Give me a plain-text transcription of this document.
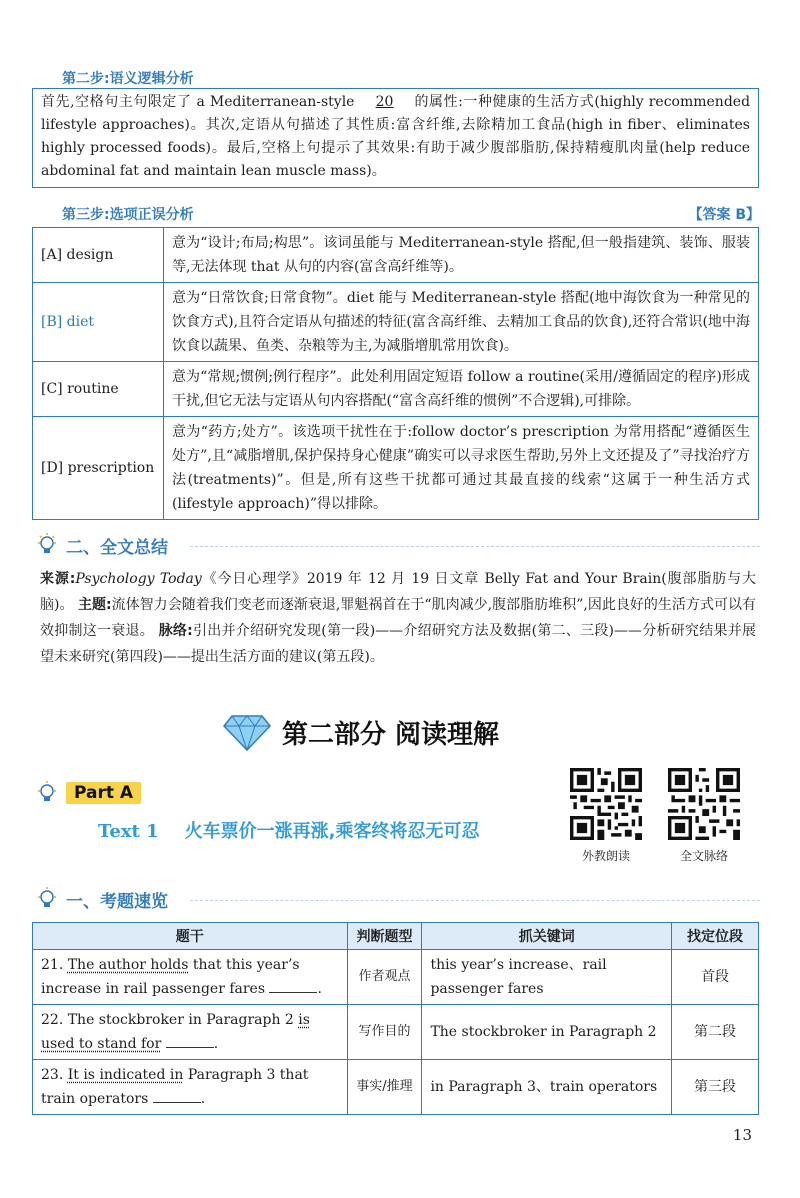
第二步:语义逻辑分析
首先,空格句主句限定了 a Mediterranean-style 20 的属性:一种健康的生活方式(highly recommended lifestyle approaches)。其次,定语从句描述了其性质:富含纤维,去除精加工食品(high in fiber、eliminates highly processed foods)。最后,空格上句提示了其效果:有助于减少腹部脂肪,保持精瘦肌肉量(help reduce abdominal fat and maintain lean muscle mass)。
第三步:选项正误分析	【答案 B】
[A] design	意为“设计;布局;构思”。该词虽能与 Mediterranean-style 搭配,但一般指建筑、装饰、服装等,无法体现 that 从句的内容(富含高纤维等)。
[B] diet	意为“日常饮食;日常食物”。diet 能与 Mediterranean-style 搭配(地中海饮食为一种常见的饮食方式),且符合定语从句描述的特征(富含高纤维、去精加工食品的饮食),还符合常识(地中海饮食以蔬果、鱼类、杂粮等为主,为减脂增肌常用饮食)。
[C] routine	意为“常规;惯例;例行程序”。此处利用固定短语 follow a routine(采用/遵循固定的程序)形成干扰,但它无法与定语从句内容搭配(“富含高纤维的惯例”不合逻辑),可排除。
[D] prescription	意为“药方;处方”。该选项干扰性在于:follow doctor’s prescription 为常用搭配“遵循医生处方”,且“减脂增肌,保护保持身心健康”确实可以寻求医生帮助,另外上文还提及了”寻找治疗方法(treatments)”。但是,所有这些干扰都可通过其最直接的线索“这属于一种生活方式(lifestyle approach)”得以排除。
二、全文总结
来源:Psychology Today《今日心理学》2019 年 12 月 19 日文章 Belly Fat and Your Brain(腹部脂肪与大脑)。 主题:流体智力会随着我们变老而逐渐衰退,罪魁祸首在于“肌肉减少,腹部脂肪堆积”,因此良好的生活方式可以有效抑制这一衰退。 脉络:引出并介绍研究发现(第一段)——介绍研究方法及数据(第二、三段)——分析研究结果并展望未来研究(第四段)——提出生活方面的建议(第五段)。
第二部分 阅读理解
Part A
Text 1 火车票价一涨再涨,乘客终将忍无可忍
外教朗读	全文脉络
一、考题速览
题干	判断题型	抓关键词	找定位段
21. The author holds that this year’s increase in rail passenger fares .	作者观点	this year’s increase、rail passenger fares	首段
22. The stockbroker in Paragraph 2 is used to stand for .	写作目的	The stockbroker in Paragraph 2	第二段
23. It is indicated in Paragraph 3 that train operators .	事实/推理	in Paragraph 3、train operators	第三段
13
